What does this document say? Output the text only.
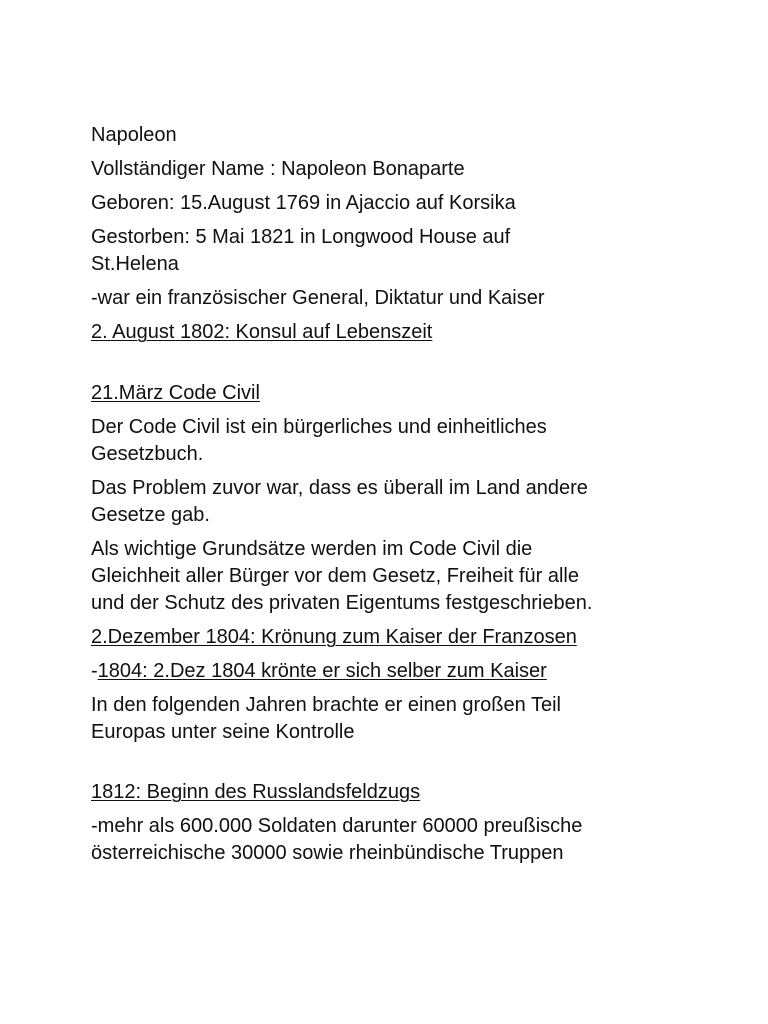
Napoleon

Vollständiger Name : Napoleon Bonaparte

Geboren: 15.August 1769 in Ajaccio auf Korsika

Gestorben: 5 Mai 1821 in Longwood House auf
St.Helena

-war ein französischer General, Diktatur und Kaiser

2. August 1802: Konsul auf Lebenszeit

21.März Code Civil

Der Code Civil ist ein bürgerliches und einheitliches
Gesetzbuch.

Das Problem zuvor war, dass es überall im Land andere
Gesetze gab.

Als wichtige Grundsätze werden im Code Civil die
Gleichheit aller Bürger vor dem Gesetz, Freiheit für alle
und der Schutz des privaten Eigentums festgeschrieben.

2.Dezember 1804: Krönung zum Kaiser der Franzosen

-1804: 2.Dez 1804 krönte er sich selber zum Kaiser

In den folgenden Jahren brachte er einen großen Teil
Europas unter seine Kontrolle

1812: Beginn des Russlandsfeldzugs

-mehr als 600.000 Soldaten darunter 60000 preußische
österreichische 30000 sowie rheinbündische Truppen
